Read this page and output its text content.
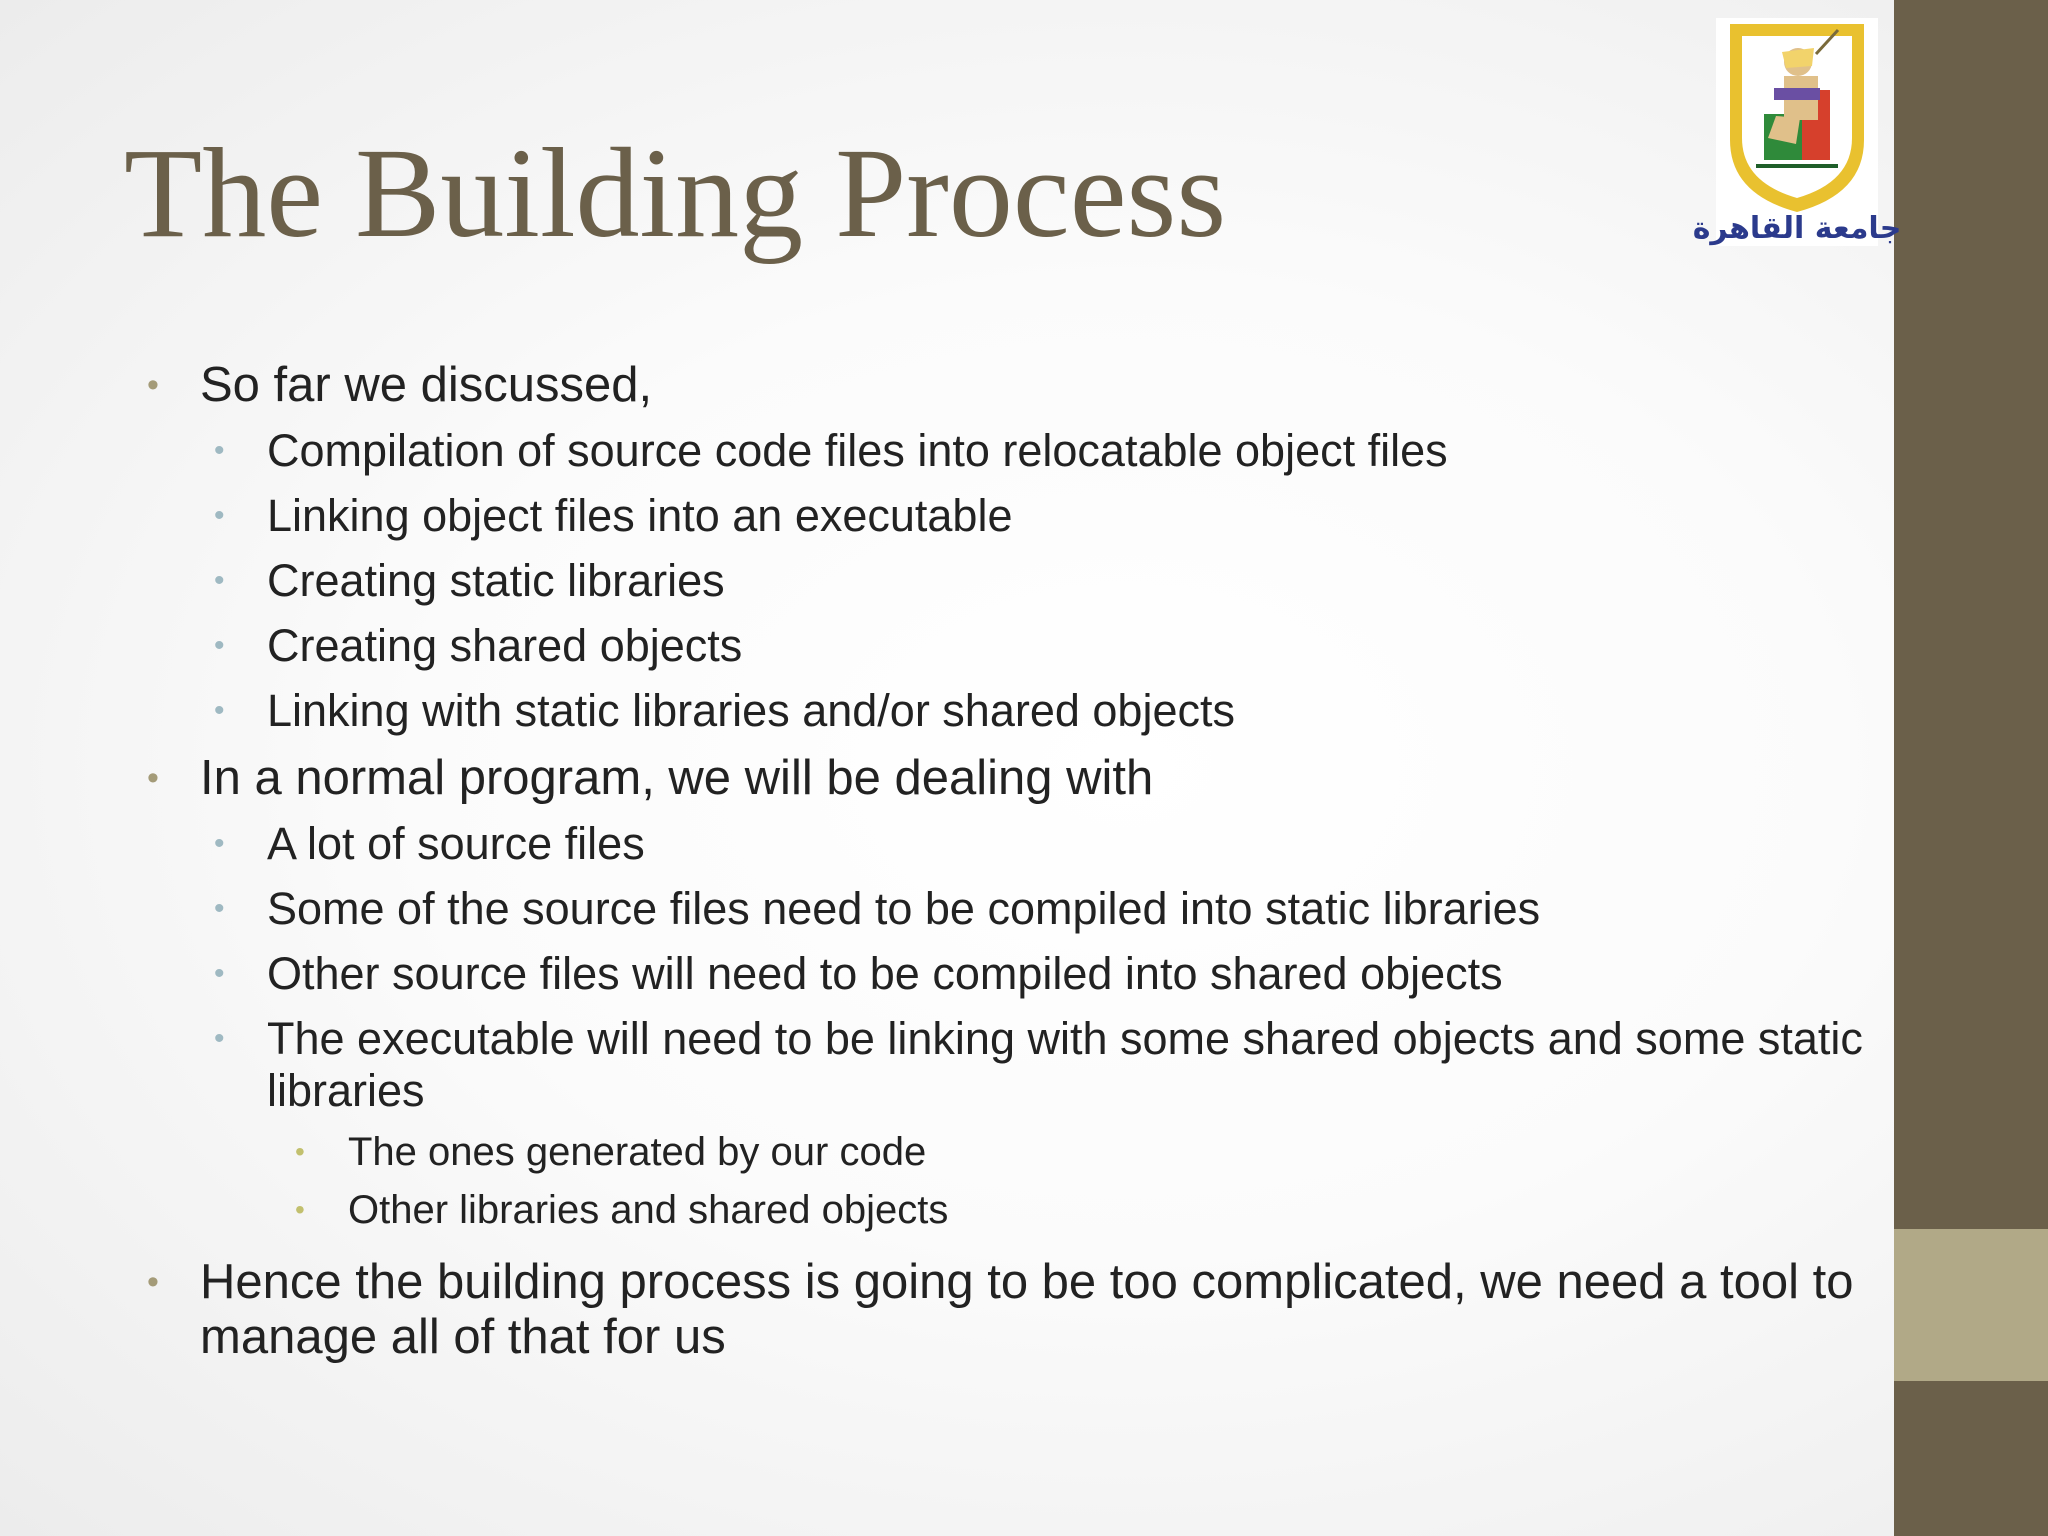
The Building Process	جامعة القاهرة
• So far we discussed,
• Compilation of source code files into relocatable object files
• Linking object files into an executable
• Creating static libraries
• Creating shared objects
• Linking with static libraries and/or shared objects
• In a normal program, we will be dealing with
• A lot of source files
• Some of the source files need to be compiled into static libraries
• Other source files will need to be compiled into shared objects
• The executable will need to be linking with some shared objects and some static libraries
• The ones generated by our code
• Other libraries and shared objects
• Hence the building process is going to be too complicated, we need a tool to manage all of that for us
